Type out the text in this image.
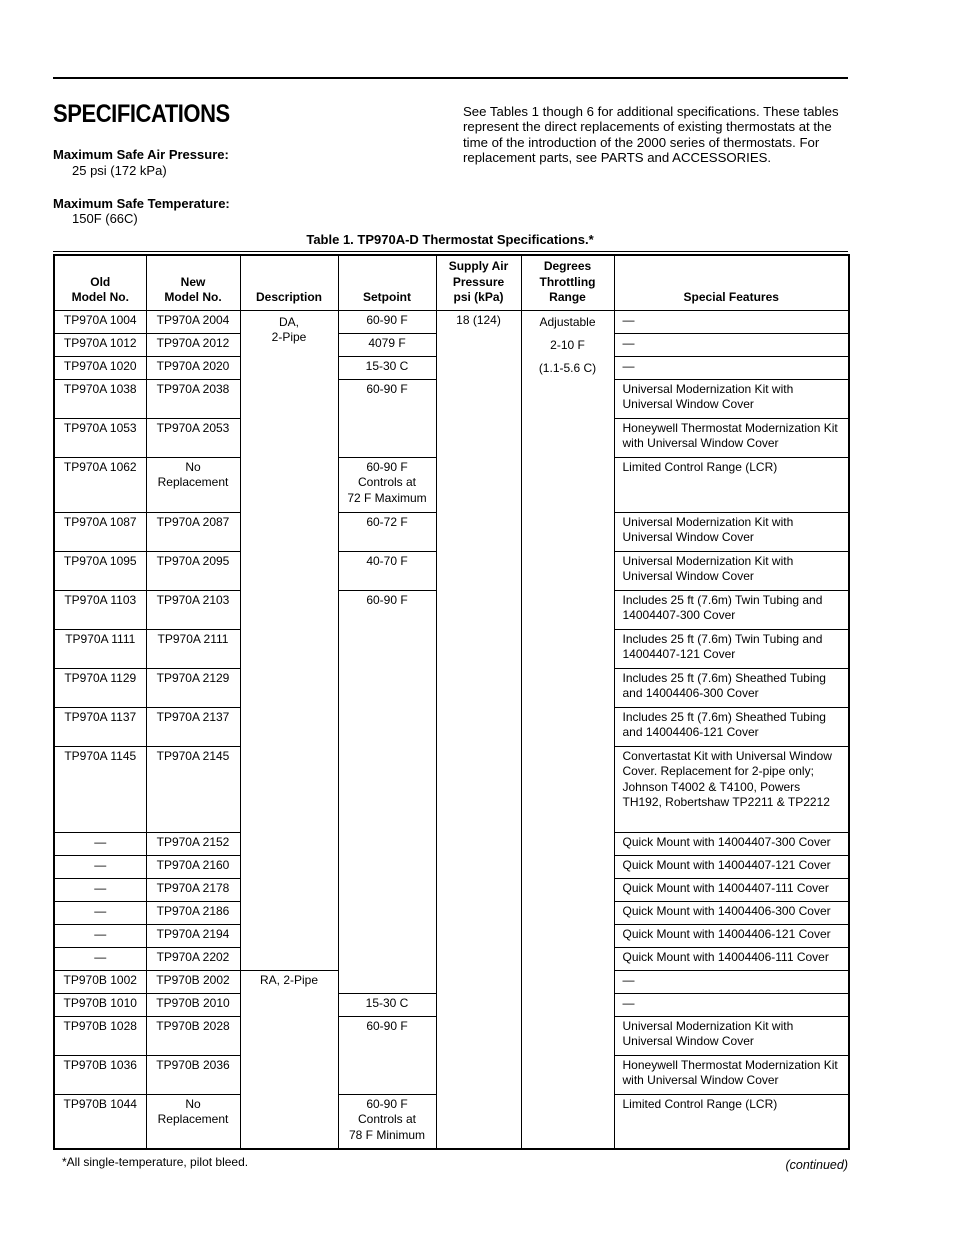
SPECIFICATIONS
Maximum Safe Air Pressure:
25 psi (172 kPa)
Maximum Safe Temperature:
150F (66C)
See Tables 1 though 6 for additional specifications. These tables represent the direct replacements of existing thermostats at the time of the introduction of the 2000 series of thermostats. For replacement parts, see PARTS and ACCESSORIES.
Table 1. TP970A-D Thermostat Specifications.*
Old
Model No.	New
Model No.	Description	Setpoint	Supply Air
Pressure
psi (kPa)	Degrees
Throttling
Range	Special Features
TP970A 1004	TP970A 2004	DA,
2-Pipe	60-90 F	18 (124)	Adjustable
2-10 F
(1.1-5.6 C)	—
TP970A 1012	TP970A 2012		4079 F			—
TP970A 1020	TP970A 2020		15-30 C			—
TP970A 1038	TP970A 2038		60-90 F			Universal Modernization Kit with Universal Window Cover
TP970A 1053	TP970A 2053					Honeywell Thermostat Modernization Kit with Universal Window Cover
TP970A 1062	No
Replacement		60-90 F
Controls at
72 F Maximum			Limited Control Range (LCR)
TP970A 1087	TP970A 2087		60-72 F			Universal Modernization Kit with Universal Window Cover
TP970A 1095	TP970A 2095		40-70 F			Universal Modernization Kit with Universal Window Cover
TP970A 1103	TP970A 2103		60-90 F			Includes 25 ft (7.6m) Twin Tubing and 14004407-300 Cover
TP970A 1111	TP970A 2111					Includes 25 ft (7.6m) Twin Tubing and 14004407-121 Cover
TP970A 1129	TP970A 2129					Includes 25 ft (7.6m) Sheathed Tubing and 14004406-300 Cover
TP970A 1137	TP970A 2137					Includes 25 ft (7.6m) Sheathed Tubing and 14004406-121 Cover
TP970A 1145	TP970A 2145					Convertastat Kit with Universal Window Cover. Replacement for 2-pipe only; Johnson T4002 & T4100, Powers TH192, Robertshaw TP2211 & TP2212
—	TP970A 2152					Quick Mount with 14004407-300 Cover
—	TP970A 2160					Quick Mount with 14004407-121 Cover
—	TP970A 2178					Quick Mount with 14004407-111 Cover
—	TP970A 2186					Quick Mount with 14004406-300 Cover
—	TP970A 2194					Quick Mount with 14004406-121 Cover
—	TP970A 2202					Quick Mount with 14004406-111 Cover
TP970B 1002	TP970B 2002	RA, 2-Pipe				—
TP970B 1010	TP970B 2010		15-30 C			—
TP970B 1028	TP970B 2028		60-90 F			Universal Modernization Kit with Universal Window Cover
TP970B 1036	TP970B 2036					Honeywell Thermostat Modernization Kit with Universal Window Cover
TP970B 1044	No
Replacement		60-90 F
Controls at
78 F Minimum			Limited Control Range (LCR)
*All single-temperature, pilot bleed.	(continued)
